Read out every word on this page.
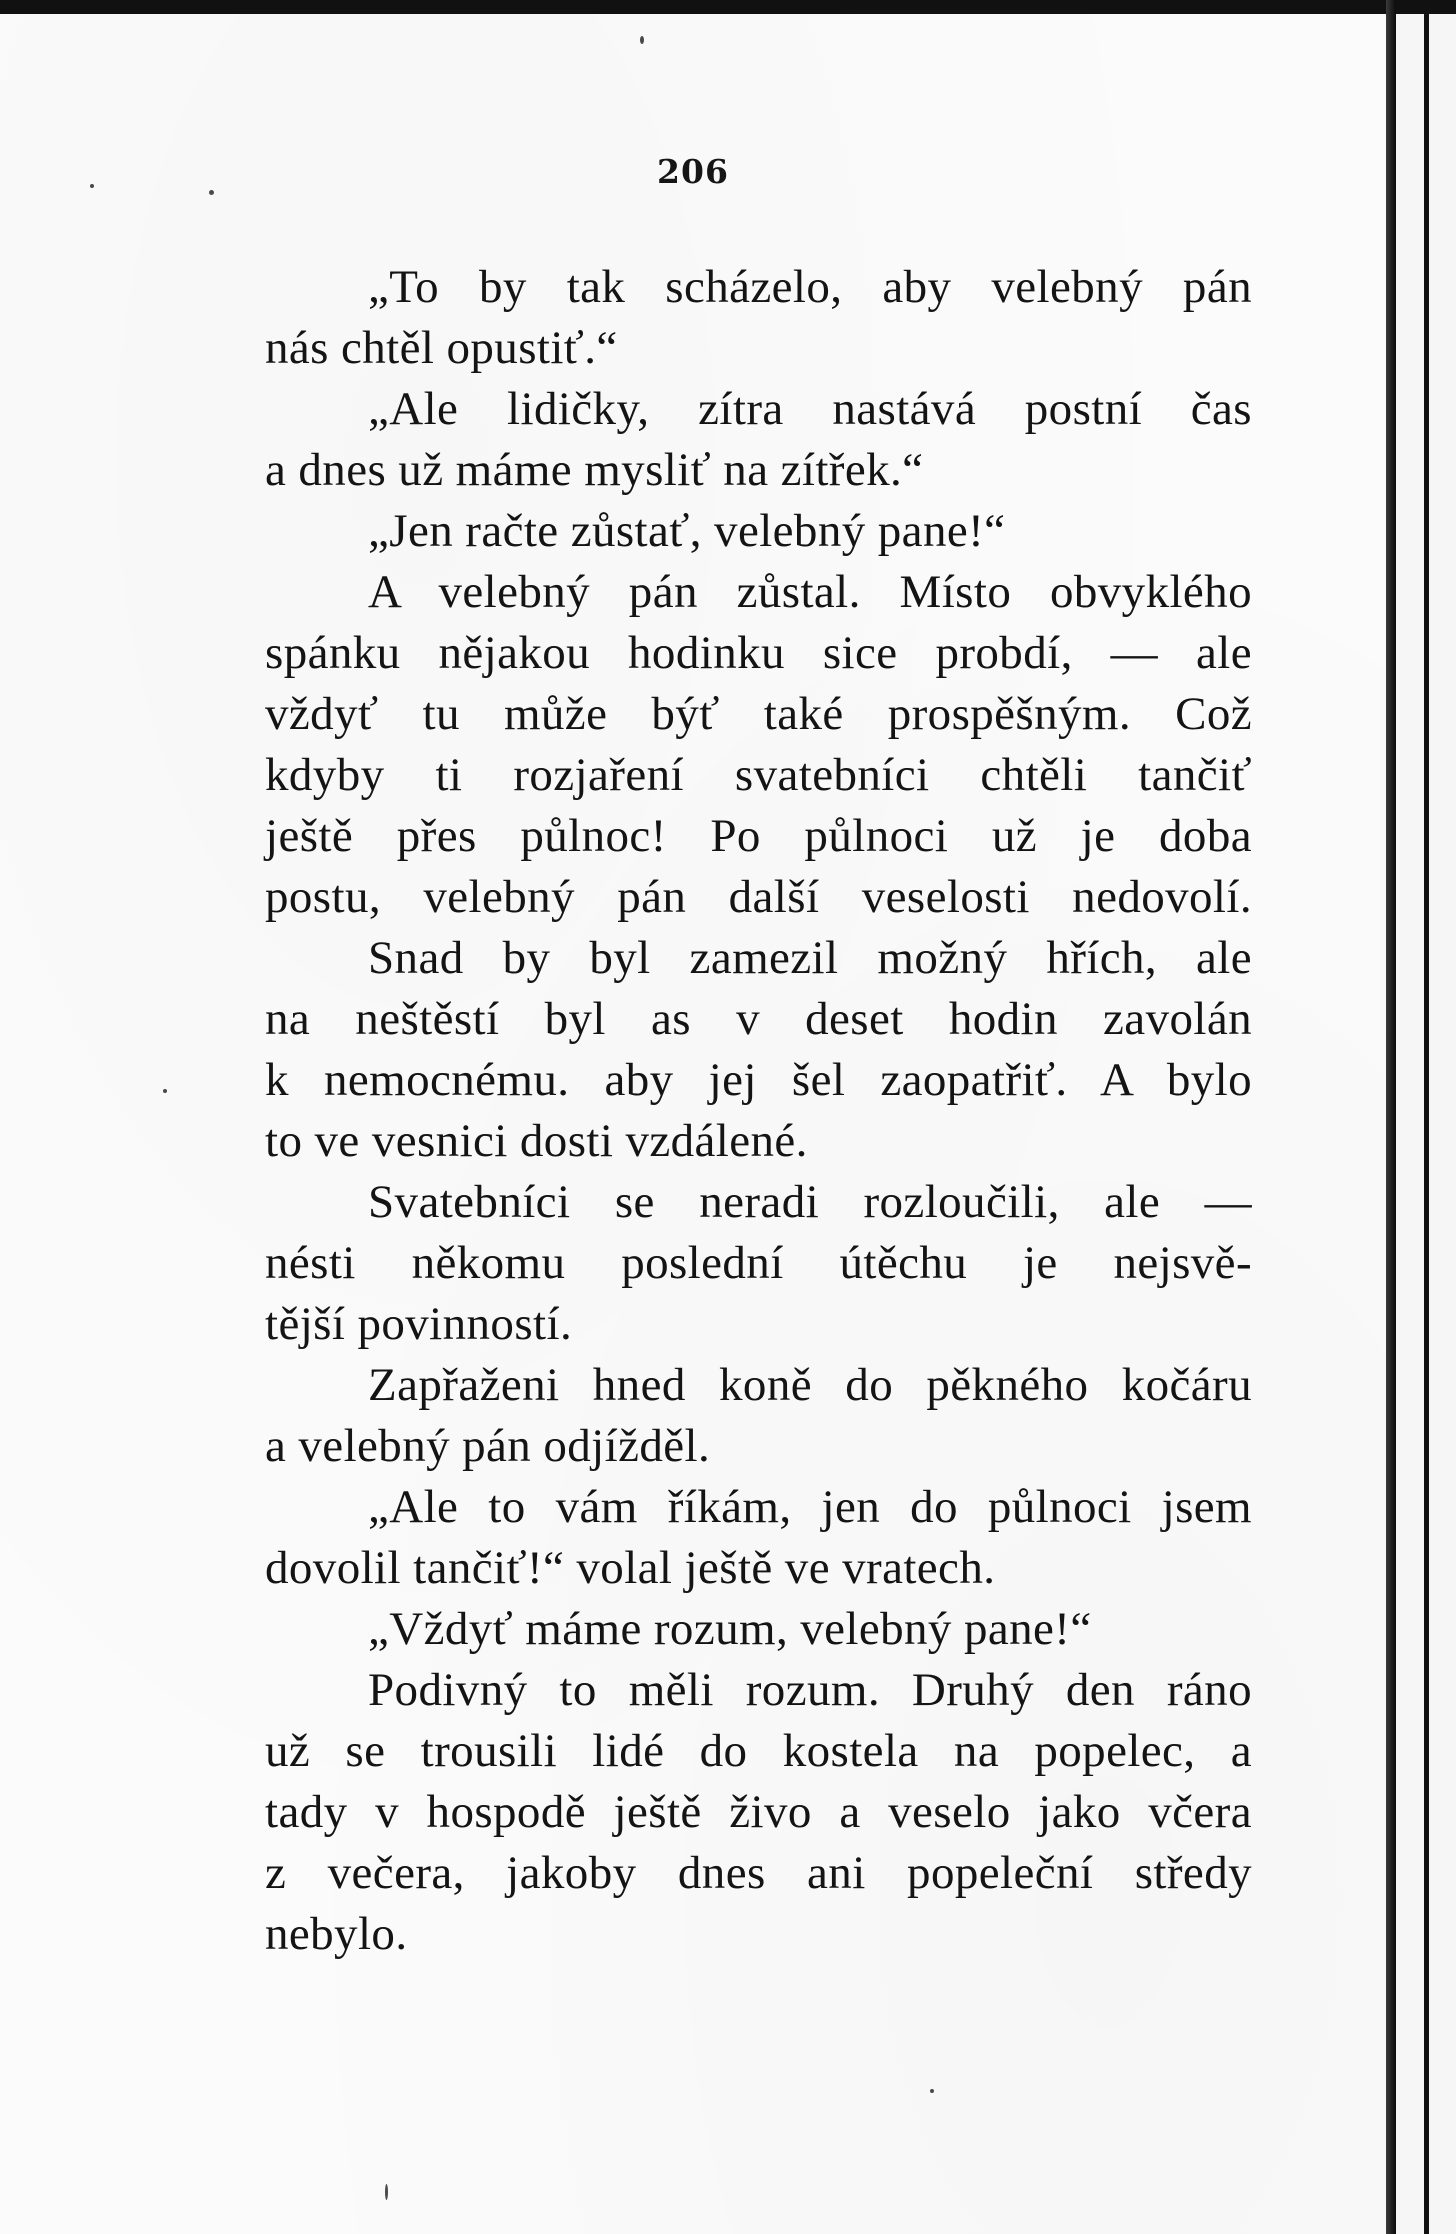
206
„To by tak scházelo, aby velebný pán
nás chtěl opustiť.“
„Ale lidičky, zítra nastává postní čas
a dnes už máme mysliť na zítřek.“
„Jen račte zůstať, velebný pane!“
A velebný pán zůstal. Místo obvyklého
spánku nějakou hodinku sice probdí, — ale
vždyť tu může býť také prospěšným. Což
kdyby ti rozjaření svatebníci chtěli tančiť
ještě přes půlnoc! Po půlnoci už je doba
postu, velebný pán další veselosti nedovolí.
Snad by byl zamezil možný hřích, ale
na neštěstí byl as v deset hodin zavolán
k nemocnému. aby jej šel zaopatřiť. A bylo
to ve vesnici dosti vzdálené.
Svatebníci se neradi rozloučili, ale —
nésti někomu poslední útěchu je nejsvě-
tější povinností.
Zapřaženi hned koně do pěkného kočáru
a velebný pán odjížděl.
„Ale to vám říkám, jen do půlnoci jsem
dovolil tančiť!“ volal ještě ve vratech.
„Vždyť máme rozum, velebný pane!“
Podivný to měli rozum. Druhý den ráno
už se trousili lidé do kostela na popelec, a
tady v hospodě ještě živo a veselo jako včera
z večera, jakoby dnes ani popeleční středy
nebylo.
